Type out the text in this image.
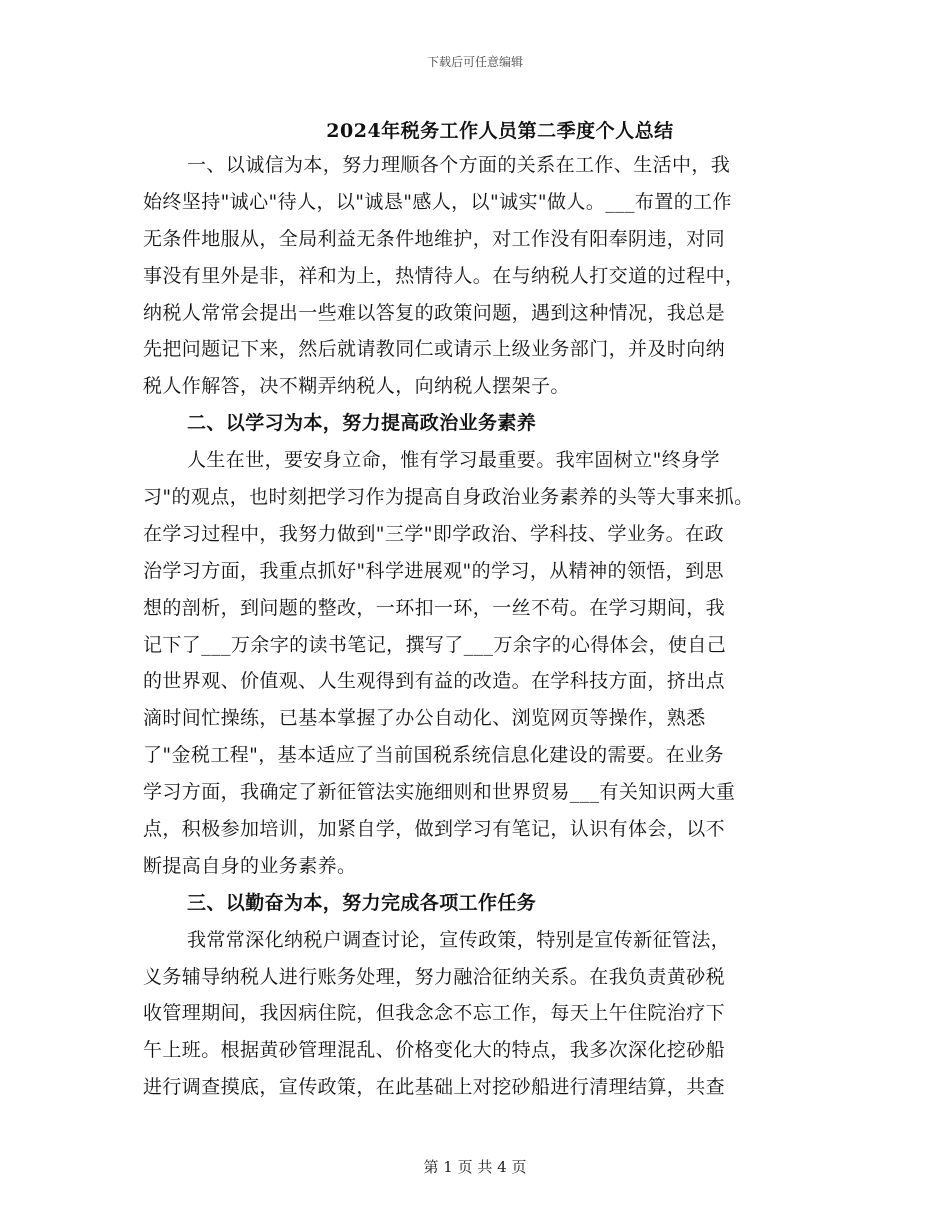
下载后可任意编辑
2024年税务工作人员第二季度个人总结
一、以诚信为本，努力理顺各个方面的关系在工作、生活中，我
始终坚持"诚心"待人，以"诚恳"感人，以"诚实"做人。___布置的工作
无条件地服从，全局利益无条件地维护，对工作没有阳奉阴违，对同
事没有里外是非，祥和为上，热情待人。在与纳税人打交道的过程中，
纳税人常常会提出一些难以答复的政策问题，遇到这种情况，我总是
先把问题记下来，然后就请教同仁或请示上级业务部门，并及时向纳
税人作解答，决不糊弄纳税人，向纳税人摆架子。
二、以学习为本，努力提高政治业务素养
人生在世，要安身立命，惟有学习最重要。我牢固树立"终身学
习"的观点，也时刻把学习作为提高自身政治业务素养的头等大事来抓。
在学习过程中，我努力做到"三学"即学政治、学科技、学业务。在政
治学习方面，我重点抓好"科学进展观"的学习，从精神的领悟，到思
想的剖析，到问题的整改，一环扣一环，一丝不苟。在学习期间，我
记下了___万余字的读书笔记，撰写了___万余字的心得体会，使自己
的世界观、价值观、人生观得到有益的改造。在学科技方面，挤出点
滴时间忙操练，已基本掌握了办公自动化、浏览网页等操作，熟悉
了"金税工程"，基本适应了当前国税系统信息化建设的需要。在业务
学习方面，我确定了新征管法实施细则和世界贸易___有关知识两大重
点，积极参加培训，加紧自学，做到学习有笔记，认识有体会，以不
断提高自身的业务素养。
三、以勤奋为本，努力完成各项工作任务
我常常深化纳税户调查讨论，宣传政策，特别是宣传新征管法，
义务辅导纳税人进行账务处理，努力融洽征纳关系。在我负责黄砂税
收管理期间，我因病住院，但我念念不忘工作，每天上午住院治疗下
午上班。根据黄砂管理混乱、价格变化大的特点，我多次深化挖砂船
进行调查摸底，宣传政策，在此基础上对挖砂船进行清理结算，共查
第 1 页 共 4 页
